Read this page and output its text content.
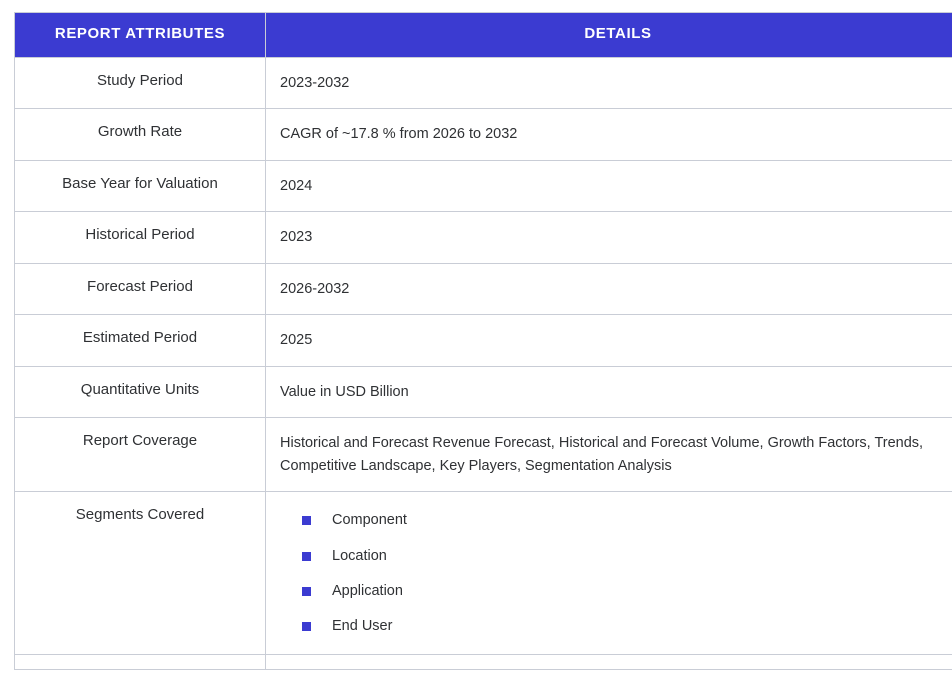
REPORT ATTRIBUTES	DETAILS
Study Period	2023-2032
Growth Rate	CAGR of ~17.8 % from 2026 to 2032
Base Year for Valuation	2024
Historical Period	2023
Forecast Period	2026-2032
Estimated Period	2025
Quantitative Units	Value in USD Billion
Report Coverage	Historical and Forecast Revenue Forecast, Historical and Forecast Volume, Growth Factors, Trends, Competitive Landscape, Key Players, Segmentation Analysis
Segments Covered	Component
Location
Application
End User
